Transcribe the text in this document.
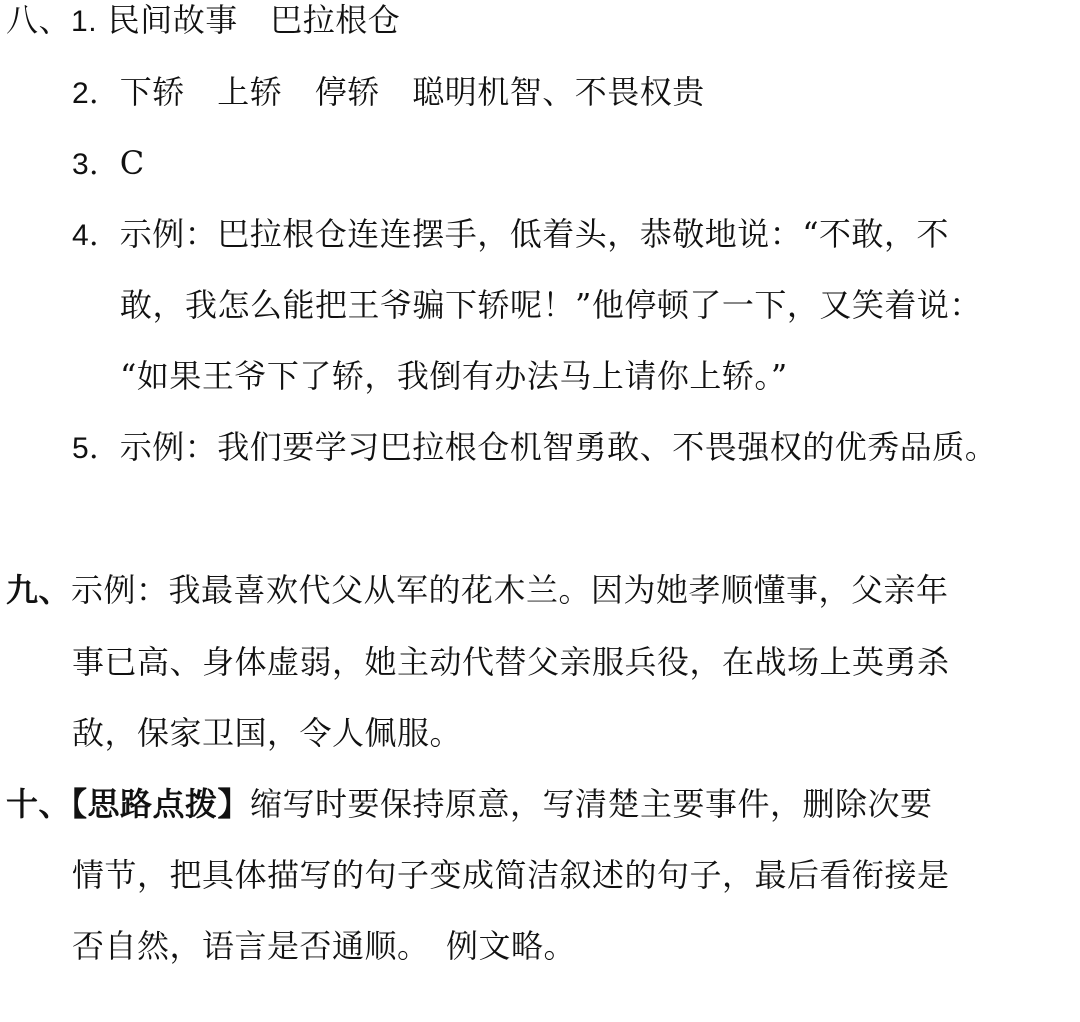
八、1. 民间故事　巴拉根仓
2．下轿　上轿　停轿　聪明机智、不畏权贵
3．C
4．示例：巴拉根仓连连摆手，低着头，恭敬地说：“不敢，不
敢，我怎么能把王爷骗下轿呢！”他停顿了一下，又笑着说：
“如果王爷下了轿，我倒有办法马上请你上轿。”
5．示例：我们要学习巴拉根仓机智勇敢、不畏强权的优秀品质。
九、示例：我最喜欢代父从军的花木兰。因为她孝顺懂事，父亲年
事已高、身体虚弱，她主动代替父亲服兵役，在战场上英勇杀
敌，保家卫国，令人佩服。
十、【思路点拨】缩写时要保持原意，写清楚主要事件，删除次要
情节，把具体描写的句子变成简洁叙述的句子，最后看衔接是
否自然，语言是否通顺。　例文略。
